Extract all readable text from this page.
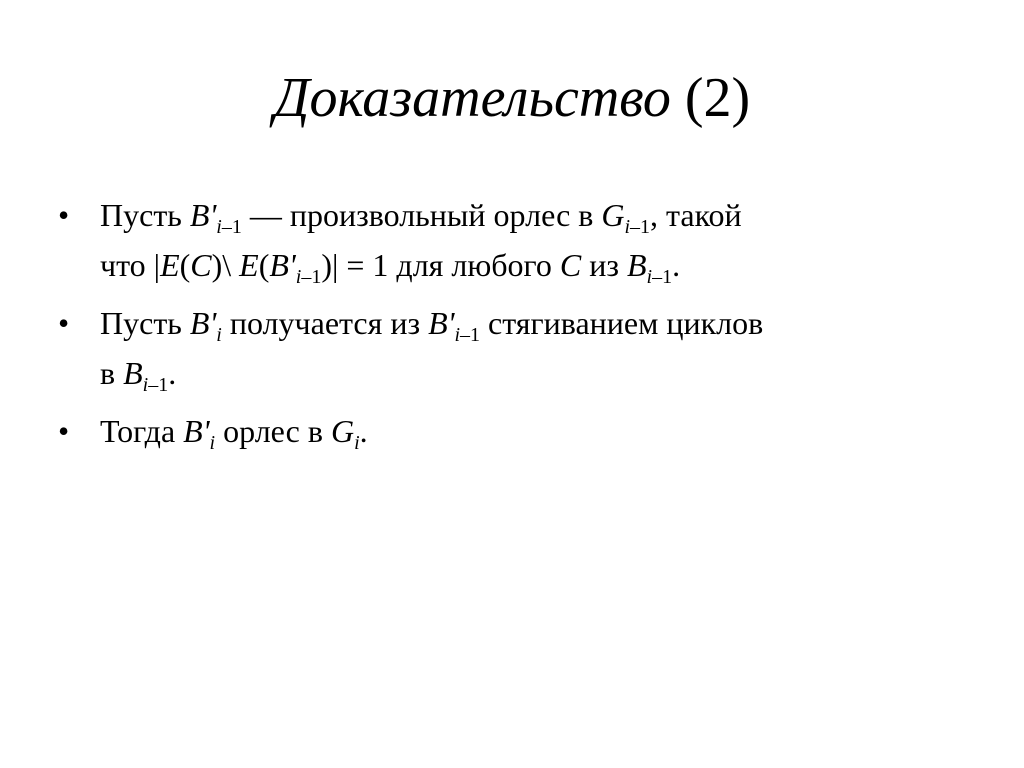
Доказательство (2)
• Пусть $B'_{i-1}$ — произвольный орлес в $G_{i-1}$, такой
что |E(C)\ $E(B'_{i-1})| = 1$ для любого C из $B_{i-1}$.
• Пусть $B'_i$ получается из $B'_{i-1}$ стягиванием циклов
в $B_{i-1}$.
• Тогда $B'_i$ орлес в $G_i$.
